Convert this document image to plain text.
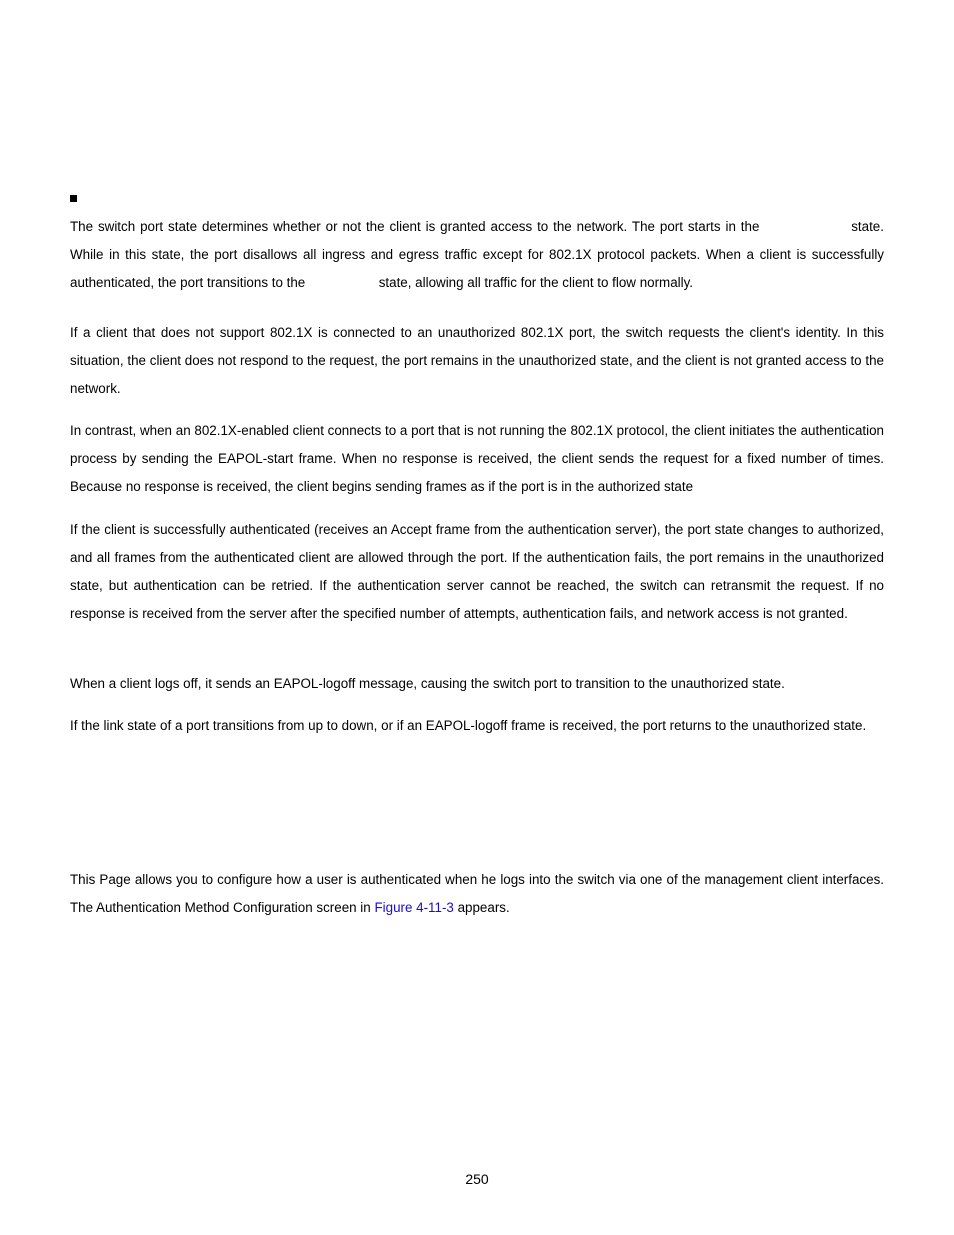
The switch port state determines whether or not the client is granted access to the network. The port starts in the	state. While in this state, the port disallows all ingress and egress traffic except for 802.1X protocol packets. When a client is successfully authenticated, the port transitions to the	state, allowing all traffic for the client to flow normally.

If a client that does not support 802.1X is connected to an unauthorized 802.1X port, the switch requests the client's identity. In this situation, the client does not respond to the request, the port remains in the unauthorized state, and the client is not granted access to the network.

In contrast, when an 802.1X-enabled client connects to a port that is not running the 802.1X protocol, the client initiates the authentication process by sending the EAPOL-start frame. When no response is received, the client sends the request for a fixed number of times. Because no response is received, the client begins sending frames as if the port is in the authorized state

If the client is successfully authenticated (receives an Accept frame from the authentication server), the port state changes to authorized, and all frames from the authenticated client are allowed through the port. If the authentication fails, the port remains in the unauthorized state, but authentication can be retried. If the authentication server cannot be reached, the switch can retransmit the request. If no response is received from the server after the specified number of attempts, authentication fails, and network access is not granted.

When a client logs off, it sends an EAPOL-logoff message, causing the switch port to transition to the unauthorized state.

If the link state of a port transitions from up to down, or if an EAPOL-logoff frame is received, the port returns to the unauthorized state.

This Page allows you to configure how a user is authenticated when he logs into the switch via one of the management client interfaces. The Authentication Method Configuration screen in Figure 4-11-3 appears.

250
